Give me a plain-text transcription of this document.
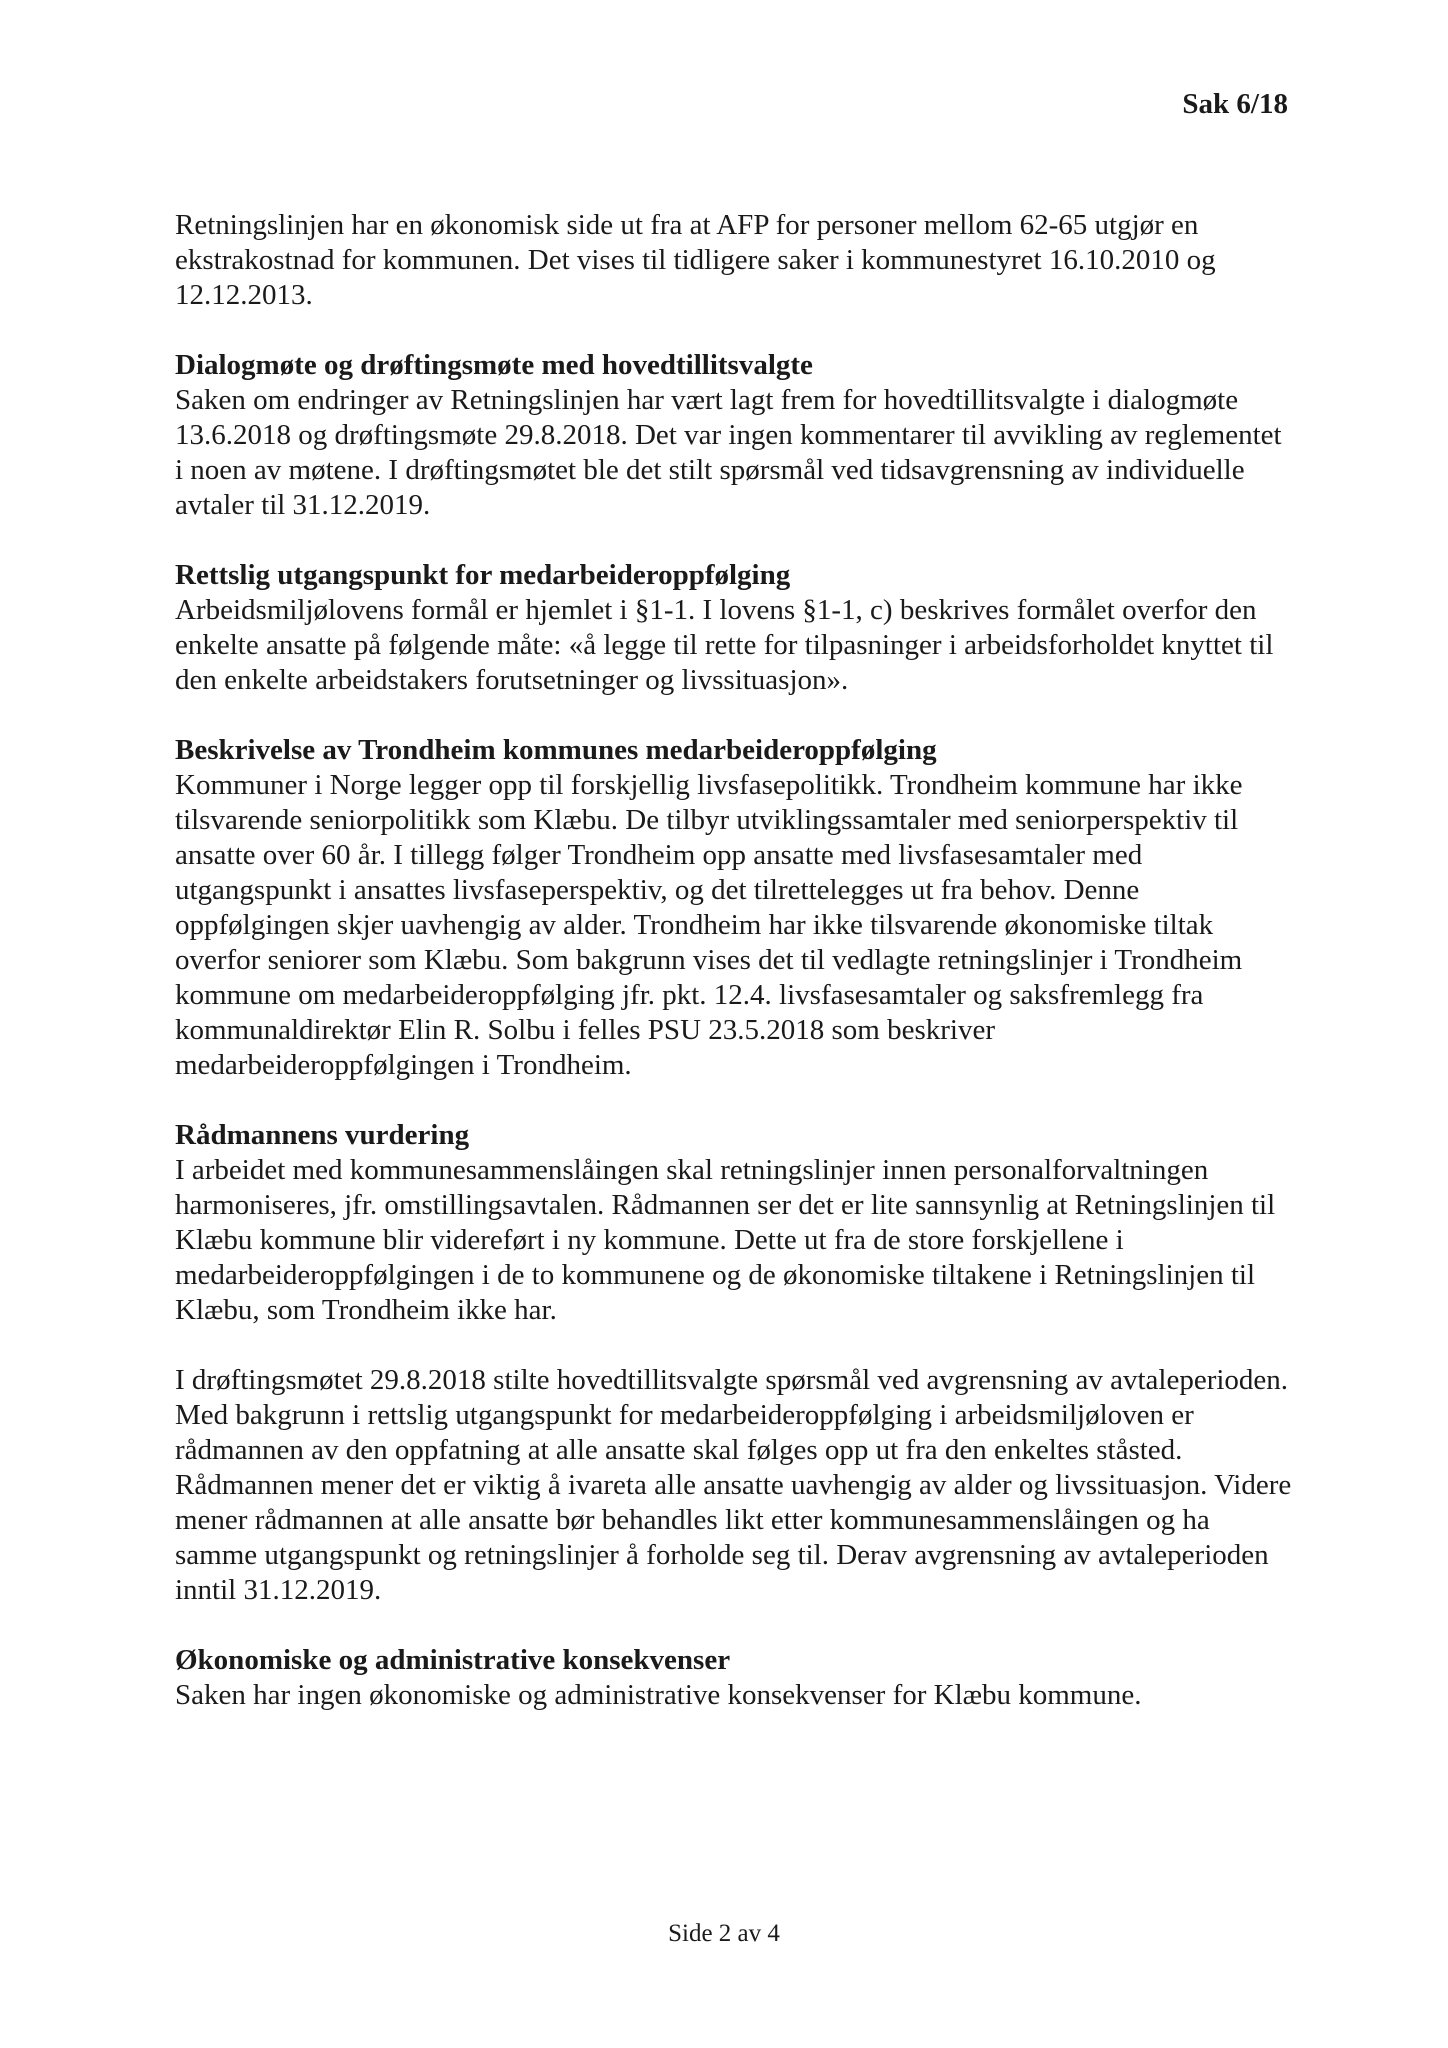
Sak 6/18

Retningslinjen har en økonomisk side ut fra at AFP for personer mellom 62-65 utgjør en ekstrakostnad for kommunen. Det vises til tidligere saker i kommunestyret 16.10.2010 og 12.12.2013.

Dialogmøte og drøftingsmøte med hovedtillitsvalgte

Saken om endringer av Retningslinjen har vært lagt frem for hovedtillitsvalgte i dialogmøte 13.6.2018 og drøftingsmøte 29.8.2018. Det var ingen kommentarer til avvikling av reglementet i noen av møtene. I drøftingsmøtet ble det stilt spørsmål ved tidsavgrensning av individuelle avtaler til 31.12.2019.

Rettslig utgangspunkt for medarbeideroppfølging

Arbeidsmiljølovens formål er hjemlet i §1-1. I lovens §1-1, c) beskrives formålet overfor den enkelte ansatte på følgende måte: «å legge til rette for tilpasninger i arbeidsforholdet knyttet til den enkelte arbeidstakers forutsetninger og livssituasjon».

Beskrivelse av Trondheim kommunes medarbeideroppfølging

Kommuner i Norge legger opp til forskjellig livsfasepolitikk. Trondheim kommune har ikke tilsvarende seniorpolitikk som Klæbu. De tilbyr utviklingssamtaler med seniorperspektiv til ansatte over 60 år. I tillegg følger Trondheim opp ansatte med livsfasesamtaler med utgangspunkt i ansattes livsfaseperspektiv, og det tilrettelegges ut fra behov. Denne oppfølgingen skjer uavhengig av alder. Trondheim har ikke tilsvarende økonomiske tiltak overfor seniorer som Klæbu. Som bakgrunn vises det til vedlagte retningslinjer i Trondheim kommune om medarbeideroppfølging jfr. pkt. 12.4. livsfasesamtaler og saksfremlegg fra kommunaldirektør Elin R. Solbu i felles PSU 23.5.2018 som beskriver medarbeideroppfølgingen i Trondheim.

Rådmannens vurdering

I arbeidet med kommunesammenslåingen skal retningslinjer innen personalforvaltningen harmoniseres, jfr. omstillingsavtalen. Rådmannen ser det er lite sannsynlig at Retningslinjen til Klæbu kommune blir videreført i ny kommune. Dette ut fra de store forskjellene i medarbeideroppfølgingen i de to kommunene og de økonomiske tiltakene i Retningslinjen til Klæbu, som Trondheim ikke har.

I drøftingsmøtet 29.8.2018 stilte hovedtillitsvalgte spørsmål ved avgrensning av avtaleperioden.

Med bakgrunn i rettslig utgangspunkt for medarbeideroppfølging i arbeidsmiljøloven er rådmannen av den oppfatning at alle ansatte skal følges opp ut fra den enkeltes ståsted. Rådmannen mener det er viktig å ivareta alle ansatte uavhengig av alder og livssituasjon. Videre mener rådmannen at alle ansatte bør behandles likt etter kommunesammenslåingen og ha samme utgangspunkt og retningslinjer å forholde seg til. Derav avgrensning av avtaleperioden inntil 31.12.2019.

Økonomiske og administrative konsekvenser

Saken har ingen økonomiske og administrative konsekvenser for Klæbu kommune.

Side 2 av 4
